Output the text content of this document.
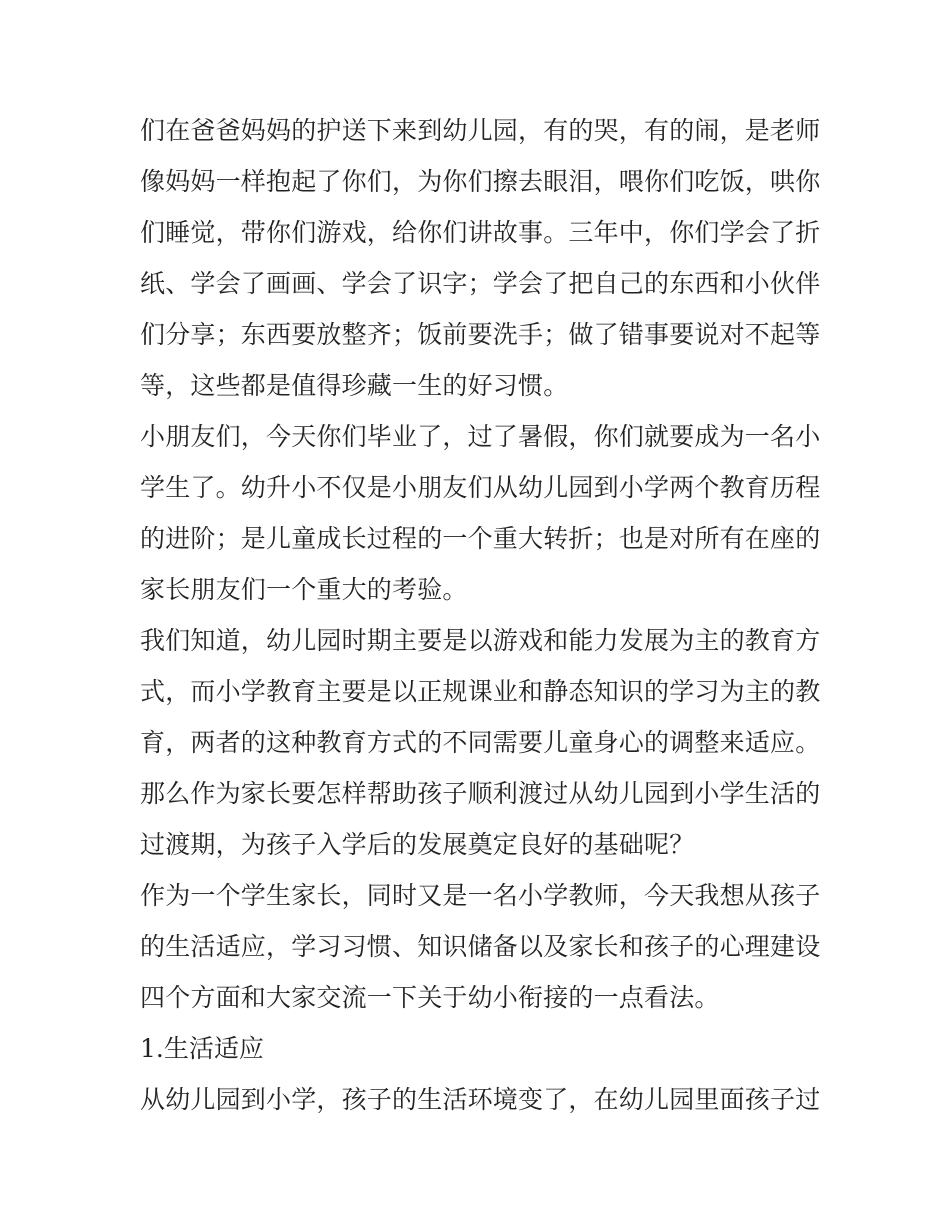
们在爸爸妈妈的护送下来到幼儿园，有的哭，有的闹，是老师
像妈妈一样抱起了你们，为你们擦去眼泪，喂你们吃饭，哄你
们睡觉，带你们游戏，给你们讲故事。三年中，你们学会了折
纸、学会了画画、学会了识字；学会了把自己的东西和小伙伴
们分享；东西要放整齐；饭前要洗手；做了错事要说对不起等
等，这些都是值得珍藏一生的好习惯。

小朋友们，今天你们毕业了，过了暑假，你们就要成为一名小
学生了。幼升小不仅是小朋友们从幼儿园到小学两个教育历程
的进阶；是儿童成长过程的一个重大转折；也是对所有在座的
家长朋友们一个重大的考验。

我们知道，幼儿园时期主要是以游戏和能力发展为主的教育方
式，而小学教育主要是以正规课业和静态知识的学习为主的教
育，两者的这种教育方式的不同需要儿童身心的调整来适应。
那么作为家长要怎样帮助孩子顺利渡过从幼儿园到小学生活的
过渡期，为孩子入学后的发展奠定良好的基础呢？

作为一个学生家长，同时又是一名小学教师，今天我想从孩子
的生活适应，学习习惯、知识储备以及家长和孩子的心理建设
四个方面和大家交流一下关于幼小衔接的一点看法。

1.生活适应

从幼儿园到小学，孩子的生活环境变了，在幼儿园里面孩子过
